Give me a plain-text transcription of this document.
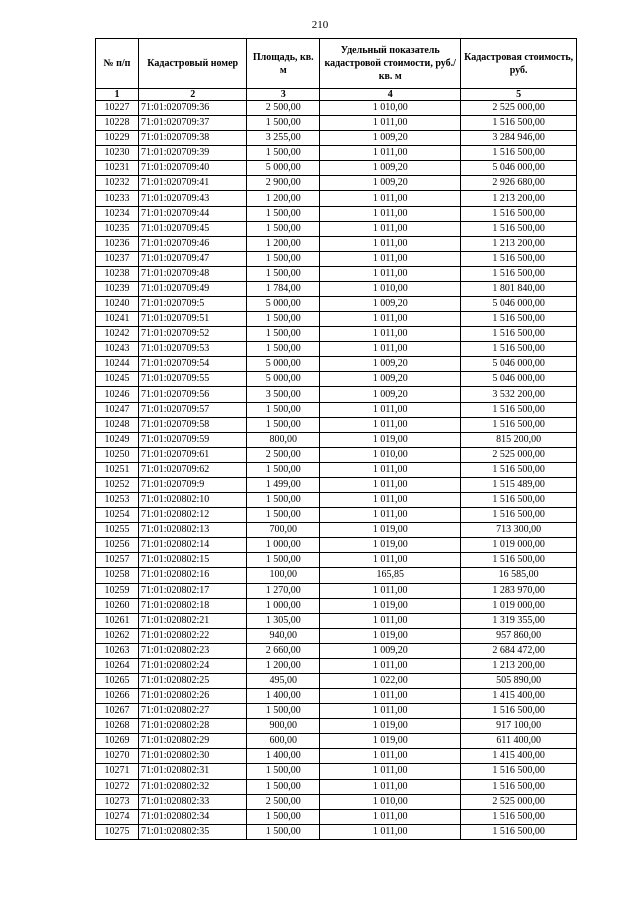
210
№ п/п	Кадастровый номер	Площадь, кв. м	Удельный показатель кадастровой стоимости, руб./кв. м	Кадастровая стоимость, руб.
1	2	3	4	5
10227	71:01:020709:36	2 500,00	1 010,00	2 525 000,00
10228	71:01:020709:37	1 500,00	1 011,00	1 516 500,00
10229	71:01:020709:38	3 255,00	1 009,20	3 284 946,00
10230	71:01:020709:39	1 500,00	1 011,00	1 516 500,00
10231	71:01:020709:40	5 000,00	1 009,20	5 046 000,00
10232	71:01:020709:41	2 900,00	1 009,20	2 926 680,00
10233	71:01:020709:43	1 200,00	1 011,00	1 213 200,00
10234	71:01:020709:44	1 500,00	1 011,00	1 516 500,00
10235	71:01:020709:45	1 500,00	1 011,00	1 516 500,00
10236	71:01:020709:46	1 200,00	1 011,00	1 213 200,00
10237	71:01:020709:47	1 500,00	1 011,00	1 516 500,00
10238	71:01:020709:48	1 500,00	1 011,00	1 516 500,00
10239	71:01:020709:49	1 784,00	1 010,00	1 801 840,00
10240	71:01:020709:5	5 000,00	1 009,20	5 046 000,00
10241	71:01:020709:51	1 500,00	1 011,00	1 516 500,00
10242	71:01:020709:52	1 500,00	1 011,00	1 516 500,00
10243	71:01:020709:53	1 500,00	1 011,00	1 516 500,00
10244	71:01:020709:54	5 000,00	1 009,20	5 046 000,00
10245	71:01:020709:55	5 000,00	1 009,20	5 046 000,00
10246	71:01:020709:56	3 500,00	1 009,20	3 532 200,00
10247	71:01:020709:57	1 500,00	1 011,00	1 516 500,00
10248	71:01:020709:58	1 500,00	1 011,00	1 516 500,00
10249	71:01:020709:59	800,00	1 019,00	815 200,00
10250	71:01:020709:61	2 500,00	1 010,00	2 525 000,00
10251	71:01:020709:62	1 500,00	1 011,00	1 516 500,00
10252	71:01:020709:9	1 499,00	1 011,00	1 515 489,00
10253	71:01:020802:10	1 500,00	1 011,00	1 516 500,00
10254	71:01:020802:12	1 500,00	1 011,00	1 516 500,00
10255	71:01:020802:13	700,00	1 019,00	713 300,00
10256	71:01:020802:14	1 000,00	1 019,00	1 019 000,00
10257	71:01:020802:15	1 500,00	1 011,00	1 516 500,00
10258	71:01:020802:16	100,00	165,85	16 585,00
10259	71:01:020802:17	1 270,00	1 011,00	1 283 970,00
10260	71:01:020802:18	1 000,00	1 019,00	1 019 000,00
10261	71:01:020802:21	1 305,00	1 011,00	1 319 355,00
10262	71:01:020802:22	940,00	1 019,00	957 860,00
10263	71:01:020802:23	2 660,00	1 009,20	2 684 472,00
10264	71:01:020802:24	1 200,00	1 011,00	1 213 200,00
10265	71:01:020802:25	495,00	1 022,00	505 890,00
10266	71:01:020802:26	1 400,00	1 011,00	1 415 400,00
10267	71:01:020802:27	1 500,00	1 011,00	1 516 500,00
10268	71:01:020802:28	900,00	1 019,00	917 100,00
10269	71:01:020802:29	600,00	1 019,00	611 400,00
10270	71:01:020802:30	1 400,00	1 011,00	1 415 400,00
10271	71:01:020802:31	1 500,00	1 011,00	1 516 500,00
10272	71:01:020802:32	1 500,00	1 011,00	1 516 500,00
10273	71:01:020802:33	2 500,00	1 010,00	2 525 000,00
10274	71:01:020802:34	1 500,00	1 011,00	1 516 500,00
10275	71:01:020802:35	1 500,00	1 011,00	1 516 500,00
